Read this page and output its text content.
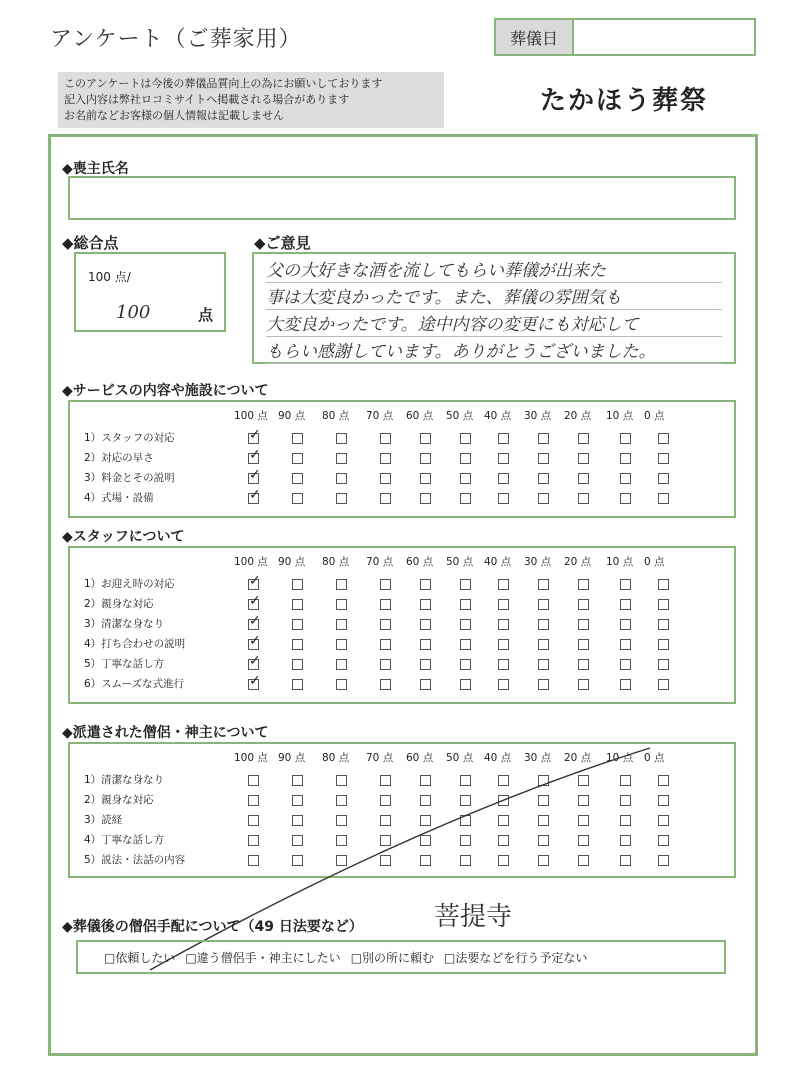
アンケート（ご葬家用）	葬儀日
このアンケートは今後の葬儀品質向上の為にお願いしております
記入内容は弊社ロコミサイトへ掲載される場合があります
お名前などお客様の個人情報は記載しません	たかほう葬祭
◆喪主氏名
◆総合点
100 点/
100	点
◆ご意見
父の大好きな酒を流してもらい葬儀が出来た
事は大変良かったです。また、葬儀の雰囲気も
大変良かったです。途中内容の変更にも対応して
もらい感謝しています。ありがとうございました。
◆サービスの内容や施設について
100 点 90 点 80 点 70 点 60 点 50 点 40 点 30 点 20 点 10 点 0 点
1）スタッフの対応	✓
2）対応の早さ	✓
3）料金とその説明	✓
4）式場・設備	✓
◆スタッフについて
100 点 90 点 80 点 70 点 60 点 50 点 40 点 30 点 20 点 10 点 0 点
1）お迎え時の対応	✓
2）親身な対応	✓
3）清潔な身なり	✓
4）打ち合わせの説明	✓
5）丁寧な話し方	✓
6）スムーズな式進行	✓
◆派遣された僧侶・神主について
100 点 90 点 80 点 70 点 60 点 50 点 40 点 30 点 20 点 10 点 0 点
1）清潔な身なり
2）親身な対応
3）読経
4）丁寧な話し方
5）説法・法話の内容
◆葬儀後の僧侶手配について（49 日法要など）	菩提寺
□依頼したい □違う僧侶手・神主にしたい □別の所に頼む □法要などを行う予定ない
